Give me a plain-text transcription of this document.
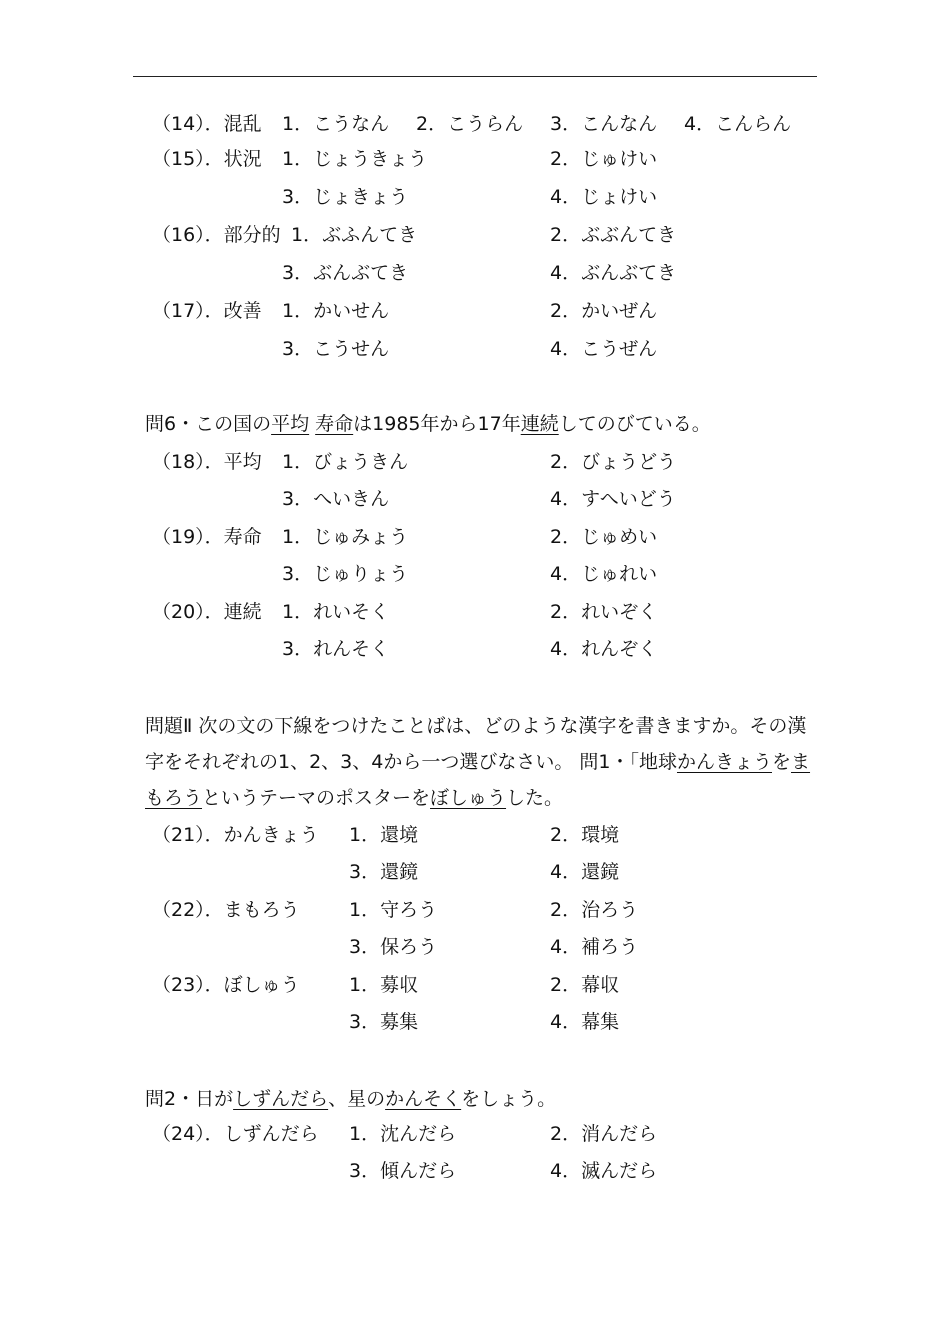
（14）．混乱 1．こうなん 2．こうらん 3．こんなん 4．こんらん
（15）．状況 1．じょうきょう	2．じゅけい
3．じょきょう	4．じょけい
（16）．部分的 1．ぶふんてき	2．ぶぶんてき
3．ぶんぶてき	4．ぶんぶてき
（17）．改善 1．かいせん	2．かいぜん
3．こうせん	4．こうぜん
問6・この国の平均 寿命は1985年から17年連続してのびている。
（18）．平均 1．びょうきん	2．びょうどう
3．へいきん	4．すへいどう
（19）．寿命 1．じゅみょう	2．じゅめい
3．じゅりょう	4．じゅれい
（20）．連続 1．れいそく	2．れいぞく
3．れんそく	4．れんぞく
問題Ⅱ 次の文の下線をつけたことばは、どのような漢字を書きますか。その漢字をそれぞれの1、2、3、4から一つ選びなさい。 問1・「地球かんきょうをまもろうというテーマのポスターをぼしゅうした。
（21）．かんきょう 1．還境	2．環境
3．還鏡	4．還鏡
（22）．まもろう	1．守ろう	2．治ろう
3．保ろう	4．補ろう
（23）．ぼしゅう	1．募収	2．幕収
3．募集	4．幕集
問2・日がしずんだら、星のかんそくをしょう。
（24）．しずんだら 1．沈んだら	2．消んだら
3．傾んだら	4．滅んだら
